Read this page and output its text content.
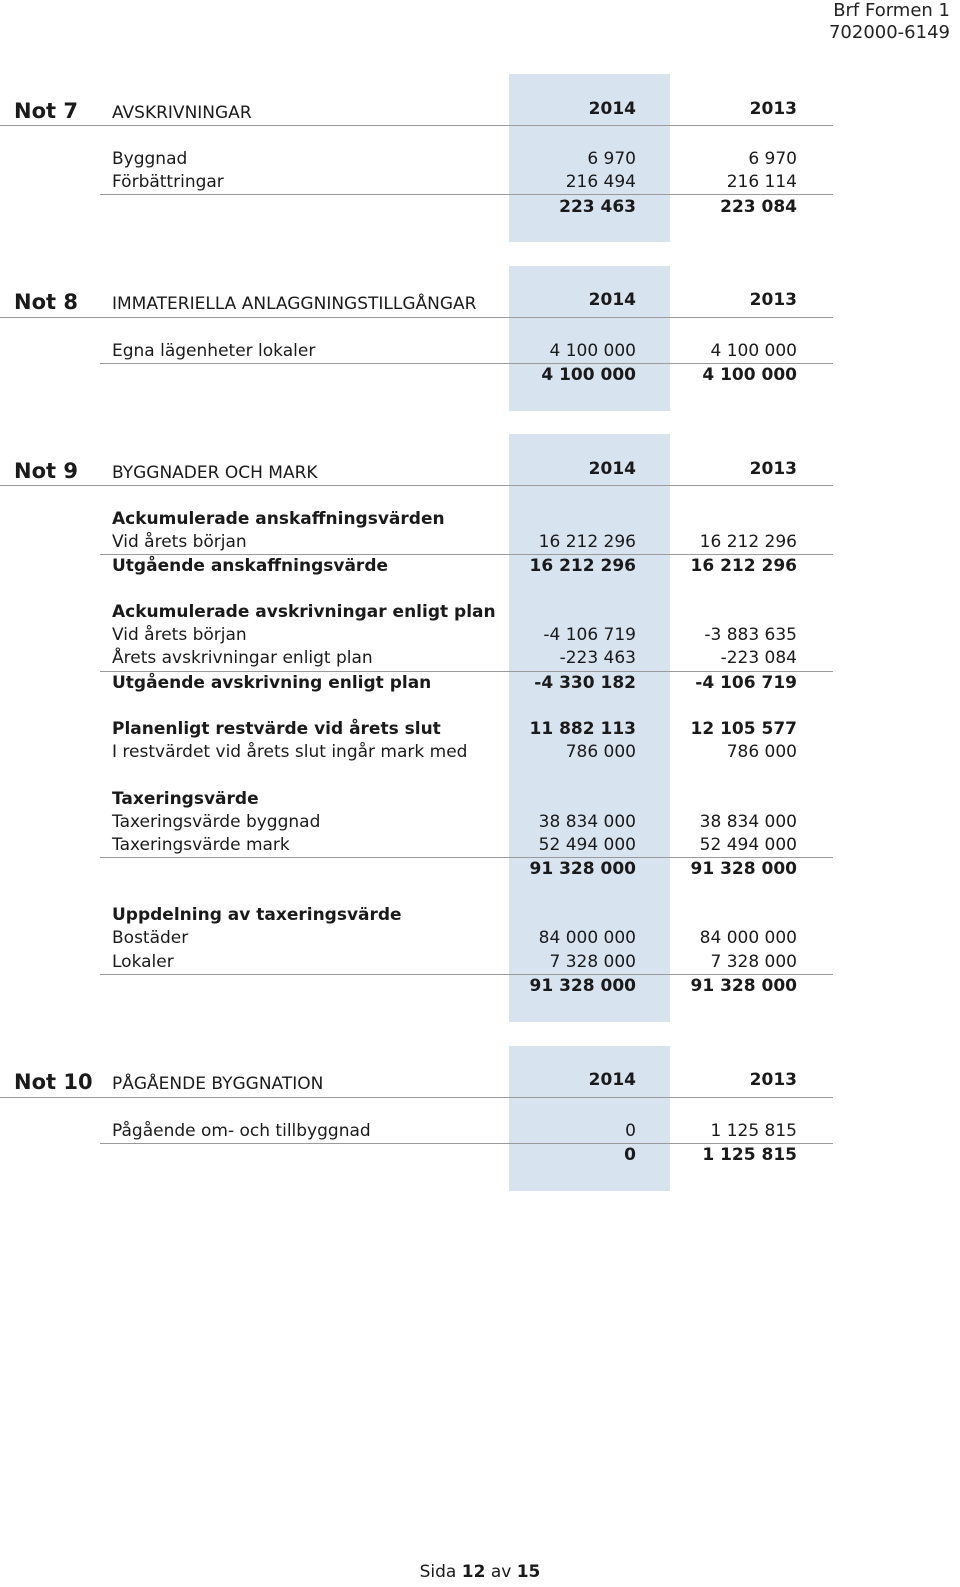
Brf Formen 1
702000-6149
Not 7 AVSKRIVNINGAR	2014	2013
Byggnad	6 970	6 970
Förbättringar	216 494	216 114
223 463	223 084
Not 8 IMMATERIELLA ANLAGGNINGSTILLGÅNGAR	2014	2013
Egna lägenheter lokaler	4 100 000	4 100 000
4 100 000	4 100 000
Not 9 BYGGNADER OCH MARK	2014	2013
Ackumulerade anskaffningsvärden
Vid årets början	16 212 296	16 212 296
Utgående anskaffningsvärde	16 212 296	16 212 296
Ackumulerade avskrivningar enligt plan
Vid årets början	-4 106 719	-3 883 635
Årets avskrivningar enligt plan	-223 463	-223 084
Utgående avskrivning enligt plan	-4 330 182	-4 106 719
Planenligt restvärde vid årets slut	11 882 113	12 105 577
I restvärdet vid årets slut ingår mark med	786 000	786 000
Taxeringsvärde
Taxeringsvärde byggnad	38 834 000	38 834 000
Taxeringsvärde mark	52 494 000	52 494 000
91 328 000	91 328 000
Uppdelning av taxeringsvärde
Bostäder	84 000 000	84 000 000
Lokaler	7 328 000	7 328 000
91 328 000	91 328 000
Not 10 PÅGÅENDE BYGGNATION	2014	2013
Pågående om- och tillbyggnad	0	1 125 815
0	1 125 815
Sida 12 av 15
